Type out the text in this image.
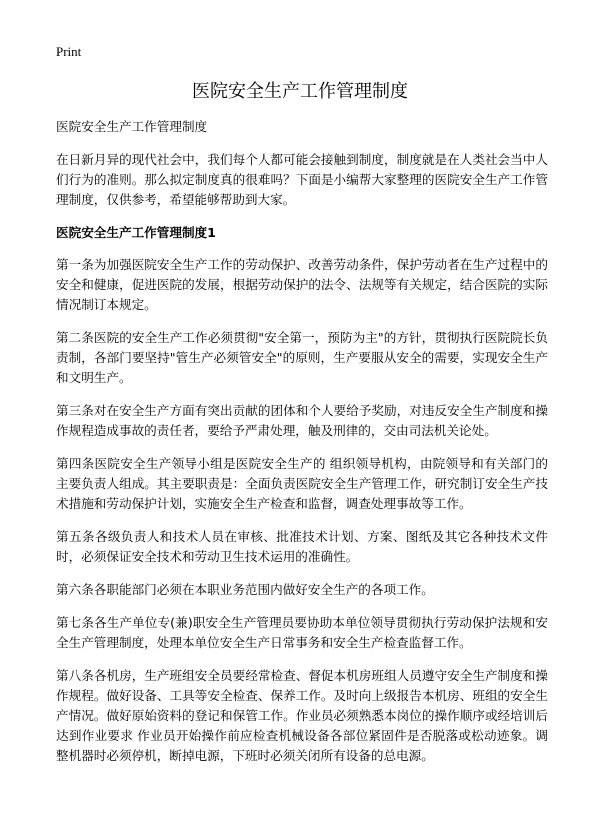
Print
医院安全生产工作管理制度

医院安全生产工作管理制度

在日新月异的现代社会中，我们每个人都可能会接触到制度，制度就是在人类社会当中人们行为的准则。那么拟定制度真的很难吗？下面是小编帮大家整理的医院安全生产工作管理制度，仅供参考，希望能够帮助到大家。

医院安全生产工作管理制度1

第一条为加强医院安全生产工作的劳动保护、改善劳动条件，保护劳动者在生产过程中的安全和健康，促进医院的发展，根据劳动保护的法令、法规等有关规定，结合医院的实际情况制订本规定。

第二条医院的安全生产工作必须贯彻"安全第一，预防为主"的方针，贯彻执行医院院长负责制，各部门要坚持"管生产必须管安全"的原则，生产要服从安全的需要，实现安全生产和文明生产。

第三条对在安全生产方面有突出贡献的团体和个人要给予奖励，对违反安全生产制度和操作规程造成事故的责任者，要给予严肃处理，触及刑律的，交由司法机关论处。

第四条医院安全生产领导小组是医院安全生产的 组织领导机构，由院领导和有关部门的主要负责人组成。其主要职责是：全面负责医院安全生产管理工作，研究制订安全生产技术措施和劳动保护计划，实施安全生产检查和监督，调查处理事故等工作。

第五条各级负责人和技术人员在审核、批准技术计划、方案、图纸及其它各种技术文件时，必须保证安全技术和劳动卫生技术运用的准确性。

第六条各职能部门必须在本职业务范围内做好安全生产的各项工作。

第七条各生产单位专(兼)职安全生产管理员要协助本单位领导贯彻执行劳动保护法规和安全生产管理制度，处理本单位安全生产日常事务和安全生产检查监督工作。

第八条各机房，生产班组安全员要经常检查、督促本机房班组人员遵守安全生产制度和操作规程。做好设备、工具等安全检查、保养工作。及时向上级报告本机房、班组的安全生产情况。做好原始资料的登记和保管工作。作业员必须熟悉本岗位的操作顺序或经培训后达到作业要求 作业员开始操作前应检查机械设备各部位紧固件是否脱落或松动迹象。调整机器时必须停机，断掉电源，下班时必须关闭所有设备的总电源。
